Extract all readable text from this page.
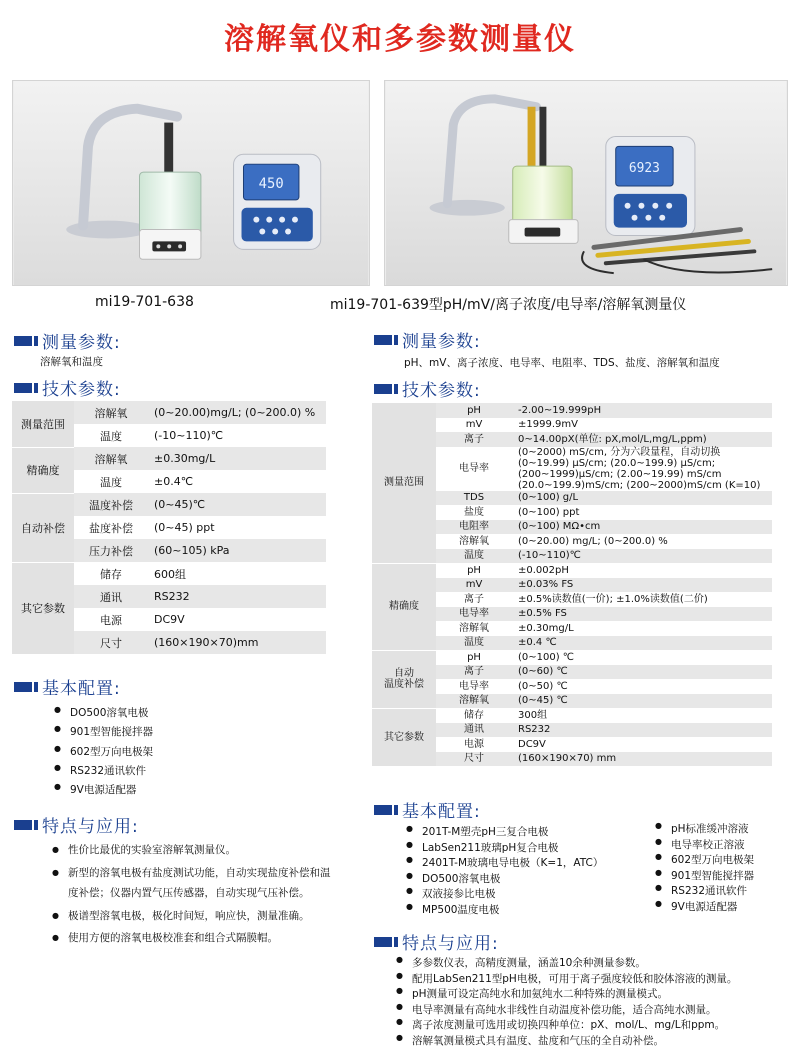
溶解氧仪和多参数测量仪
450
6923
mi19-701-638	mi19-701-639型pH/mV/离子浓度/电导率/溶解氧测量仪
测量参数:
溶解氧和温度
技术参数:
测量范围	溶解氧	(0~20.00)mg/L; (0~200.0) %
	温度	(-10~110)℃
精确度	溶解氧	±0.30mg/L
	温度	±0.4℃
自动补偿	温度补偿	(0~45)℃
	盐度补偿	(0~45) ppt
	压力补偿	(60~105) kPa
其它参数	储存	600组
	通讯	RS232
	电源	DC9V
	尺寸	(160×190×70)mm
基本配置:
● DO500溶氧电极
● 901型智能搅拌器
● 602型万向电极架
● RS232通讯软件
● 9V电源适配器
特点与应用:
● 性价比最优的实验室溶解氧测量仪。
● 新型的溶氧电极有盐度测试功能，自动实现盐度补偿和温度补偿；仪器内置气压传感器，自动实现气压补偿。
● 极谱型溶氧电极，极化时间短，响应快，测量准确。
● 使用方便的溶氧电极校准套和组合式隔膜帽。
测量参数:
pH、mV、离子浓度、电导率、电阻率、TDS、盐度、溶解氧和温度
技术参数:
测量范围	pH	-2.00~19.999pH
	mV	±1999.9mV
	离子	0~14.00pX(单位: pX,mol/L,mg/L,ppm)
	电导率	(0~2000) mS/cm, 分为六段量程，自动切换
(0~19.99) μS/cm; (20.0~199.9) μS/cm;
(200~1999)μS/cm; (2.00~19.99) mS/cm
(20.0~199.9)mS/cm; (200~2000)mS/cm (K=10)
	TDS	(0~100) g/L
	盐度	(0~100) ppt
	电阻率	(0~100) MΩ•cm
	溶解氧	(0~20.00) mg/L; (0~200.0) %
	温度	(-10~110)℃
精确度	pH	±0.002pH
	mV	±0.03% FS
	离子	±0.5%读数值(一价); ±1.0%读数值(二价)
	电导率	±0.5% FS
	溶解氧	±0.30mg/L
	温度	±0.4 ℃
自动
温度补偿	pH	(0~100) ℃
	离子	(0~60) ℃
	电导率	(0~50) ℃
	溶解氧	(0~45) ℃
其它参数	储存	300组
	通讯	RS232
	电源	DC9V
	尺寸	(160×190×70) mm
基本配置:
● 201T-M塑壳pH三复合电极
● LabSen211玻璃pH复合电极
● 2401T-M玻璃电导电极（K=1，ATC）
● DO500溶氧电极
● 双液接参比电极
● MP500温度电极
● pH标准缓冲溶液
● 电导率校正溶液
● 602型万向电极架
● 901型智能搅拌器
● RS232通讯软件
● 9V电源适配器
特点与应用:
● 多参数仪表，高精度测量，涵盖10余种测量参数。
● 配用LabSen211型pH电极，可用于离子强度较低和胶体溶液的测量。
● pH测量可设定高纯水和加氨纯水二种特殊的测量模式。
● 电导率测量有高纯水非线性自动温度补偿功能，适合高纯水测量。
● 离子浓度测量可选用或切换四种单位：pX、mol/L、mg/L和ppm。
● 溶解氧测量模式具有温度、盐度和气压的全自动补偿。
